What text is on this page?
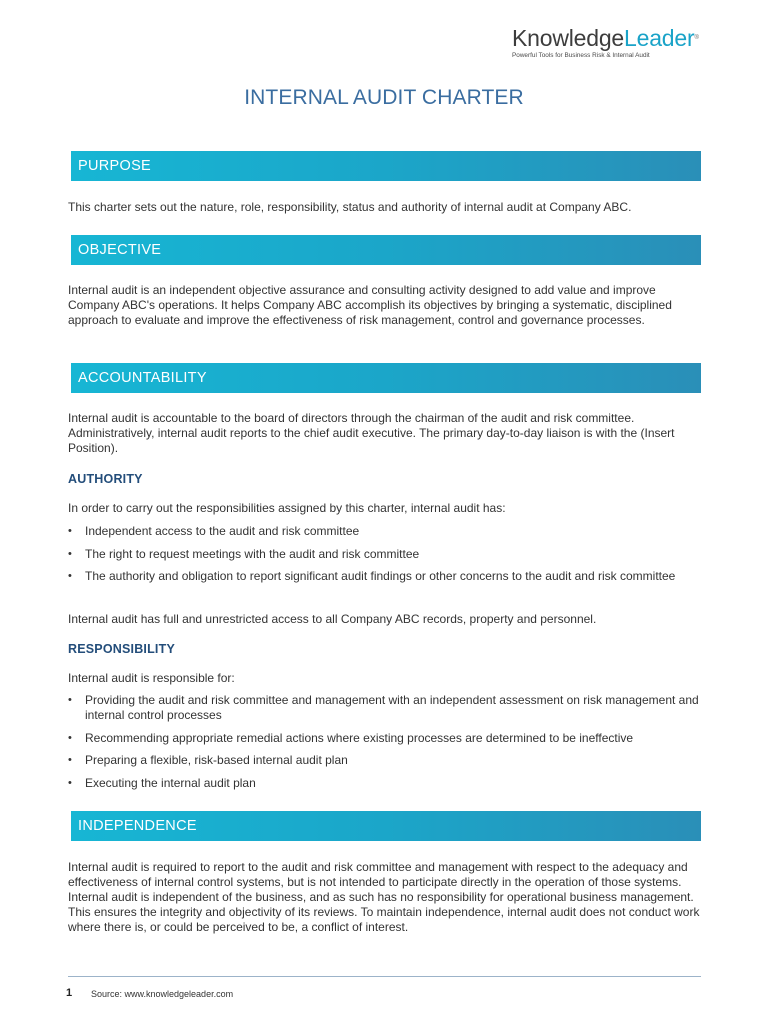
KnowledgeLeader®
Powerful Tools for Business Risk & Internal Audit
INTERNAL AUDIT CHARTER
PURPOSE

This charter sets out the nature, role, responsibility, status and authority of internal audit at Company ABC.

OBJECTIVE

Internal audit is an independent objective assurance and consulting activity designed to add value and improve Company ABC's operations. It helps Company ABC accomplish its objectives by bringing a systematic, disciplined approach to evaluate and improve the effectiveness of risk management, control and governance processes.

ACCOUNTABILITY

Internal audit is accountable to the board of directors through the chairman of the audit and risk committee. Administratively, internal audit reports to the chief audit executive. The primary day-to-day liaison is with the (Insert Position).

AUTHORITY

In order to carry out the responsibilities assigned by this charter, internal audit has:

• Independent access to the audit and risk committee
• The right to request meetings with the audit and risk committee
• The authority and obligation to report significant audit findings or other concerns to the audit and risk committee

Internal audit has full and unrestricted access to all Company ABC records, property and personnel.

RESPONSIBILITY

Internal audit is responsible for:

• Providing the audit and risk committee and management with an independent assessment on risk management and internal control processes
• Recommending appropriate remedial actions where existing processes are determined to be ineffective
• Preparing a flexible, risk-based internal audit plan
• Executing the internal audit plan
INDEPENDENCE

Internal audit is required to report to the audit and risk committee and management with respect to the adequacy and effectiveness of internal control systems, but is not intended to participate directly in the operation of those systems. Internal audit is independent of the business, and as such has no responsibility for operational business management. This ensures the integrity and objectivity of its reviews. To maintain independence, internal audit does not conduct work where there is, or could be perceived to be, a conflict of interest.

1 Source: www.knowledgeleader.com
